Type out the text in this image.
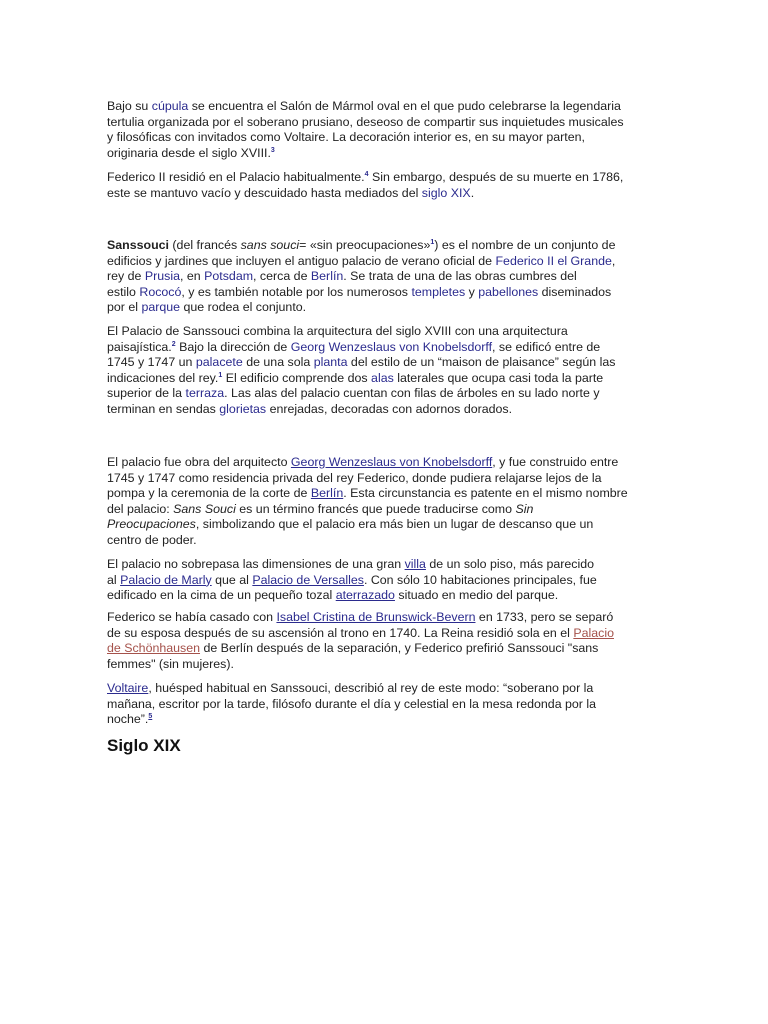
Bajo su cúpula se encuentra el Salón de Mármol oval en el que pudo celebrarse la legendaria
tertulia organizada por el soberano prusiano, deseoso de compartir sus inquietudes musicales
y filosóficas con invitados como Voltaire. La decoración interior es, en su mayor parten,
originaria desde el siglo XVIII.$^3$

Federico II residió en el Palacio habitualmente.$^4$ Sin embargo, después de su muerte en 1786,
este se mantuvo vacío y descuidado hasta mediados del siglo XIX.

Sanssouci (del francés sans souci= «sin preocupaciones»$^1$) es el nombre de un conjunto de
edificios y jardines que incluyen el antiguo palacio de verano oficial de Federico II el Grande,
rey de Prusia, en Potsdam, cerca de Berlín. Se trata de una de las obras cumbres del
estilo Rococó, y es también notable por los numerosos templetes y pabellones diseminados
por el parque que rodea el conjunto.

El Palacio de Sanssouci combina la arquitectura del siglo XVIII con una arquitectura
paisajística.$^2$ Bajo la dirección de Georg Wenzeslaus von Knobelsdorff, se edificó entre de
1745 y 1747 un palacete de una sola planta del estilo de un “maison de plaisance” según las
indicaciones del rey.$^1$ El edificio comprende dos alas laterales que ocupa casi toda la parte
superior de la terraza. Las alas del palacio cuentan con filas de árboles en su lado norte y
terminan en sendas glorietas enrejadas, decoradas con adornos dorados.

El palacio fue obra del arquitecto Georg Wenzeslaus von Knobelsdorff, y fue construido entre
1745 y 1747 como residencia privada del rey Federico, donde pudiera relajarse lejos de la
pompa y la ceremonia de la corte de Berlín. Esta circunstancia es patente en el mismo nombre
del palacio: Sans Souci es un término francés que puede traducirse como Sin
Preocupaciones, simbolizando que el palacio era más bien un lugar de descanso que un
centro de poder.

El palacio no sobrepasa las dimensiones de una gran villa de un solo piso, más parecido
al Palacio de Marly que al Palacio de Versalles. Con sólo 10 habitaciones principales, fue
edificado en la cima de un pequeño tozal aterrazado situado en medio del parque.

Federico se había casado con Isabel Cristina de Brunswick-Bevern en 1733, pero se separó
de su esposa después de su ascensión al trono en 1740. La Reina residió sola en el Palacio
de Schönhausen de Berlín después de la separación, y Federico prefirió Sanssouci "sans
femmes" (sin mujeres).

Voltaire, huésped habitual en Sanssouci, describió al rey de este modo: “soberano por la
mañana, escritor por la tarde, filósofo durante el día y celestial en la mesa redonda por la
noche”.$^5$

Siglo XIX
